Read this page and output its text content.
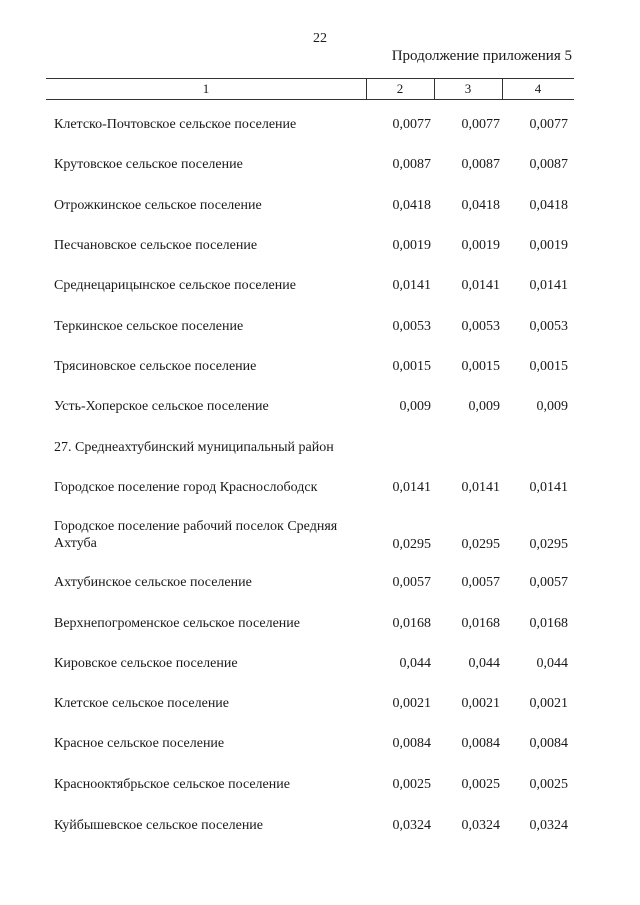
22
Продолжение приложения 5
1	2	3	4
Клетско-Почтовское сельское поселение	0,0077	0,0077	0,0077
Крутовское сельское поселение	0,0087	0,0087	0,0087
Отрожкинское сельское поселение	0,0418	0,0418	0,0418
Песчановское сельское поселение	0,0019	0,0019	0,0019
Среднецарицынское сельское поселение	0,0141	0,0141	0,0141
Теркинское сельское поселение	0,0053	0,0053	0,0053
Трясиновское сельское поселение	0,0015	0,0015	0,0015
Усть-Хоперское сельское поселение	0,009	0,009	0,009
27. Среднеахтубинский муниципальный район
Городское поселение город Краснослободск	0,0141	0,0141	0,0141
Городское поселение рабочий поселок Средняя Ахтуба	0,0295	0,0295	0,0295
Ахтубинское сельское поселение	0,0057	0,0057	0,0057
Верхнепогроменское сельское поселение	0,0168	0,0168	0,0168
Кировское сельское поселение	0,044	0,044	0,044
Клетское сельское поселение	0,0021	0,0021	0,0021
Красное сельское поселение	0,0084	0,0084	0,0084
Краснооктябрьское сельское поселение	0,0025	0,0025	0,0025
Куйбышевское сельское поселение	0,0324	0,0324	0,0324
